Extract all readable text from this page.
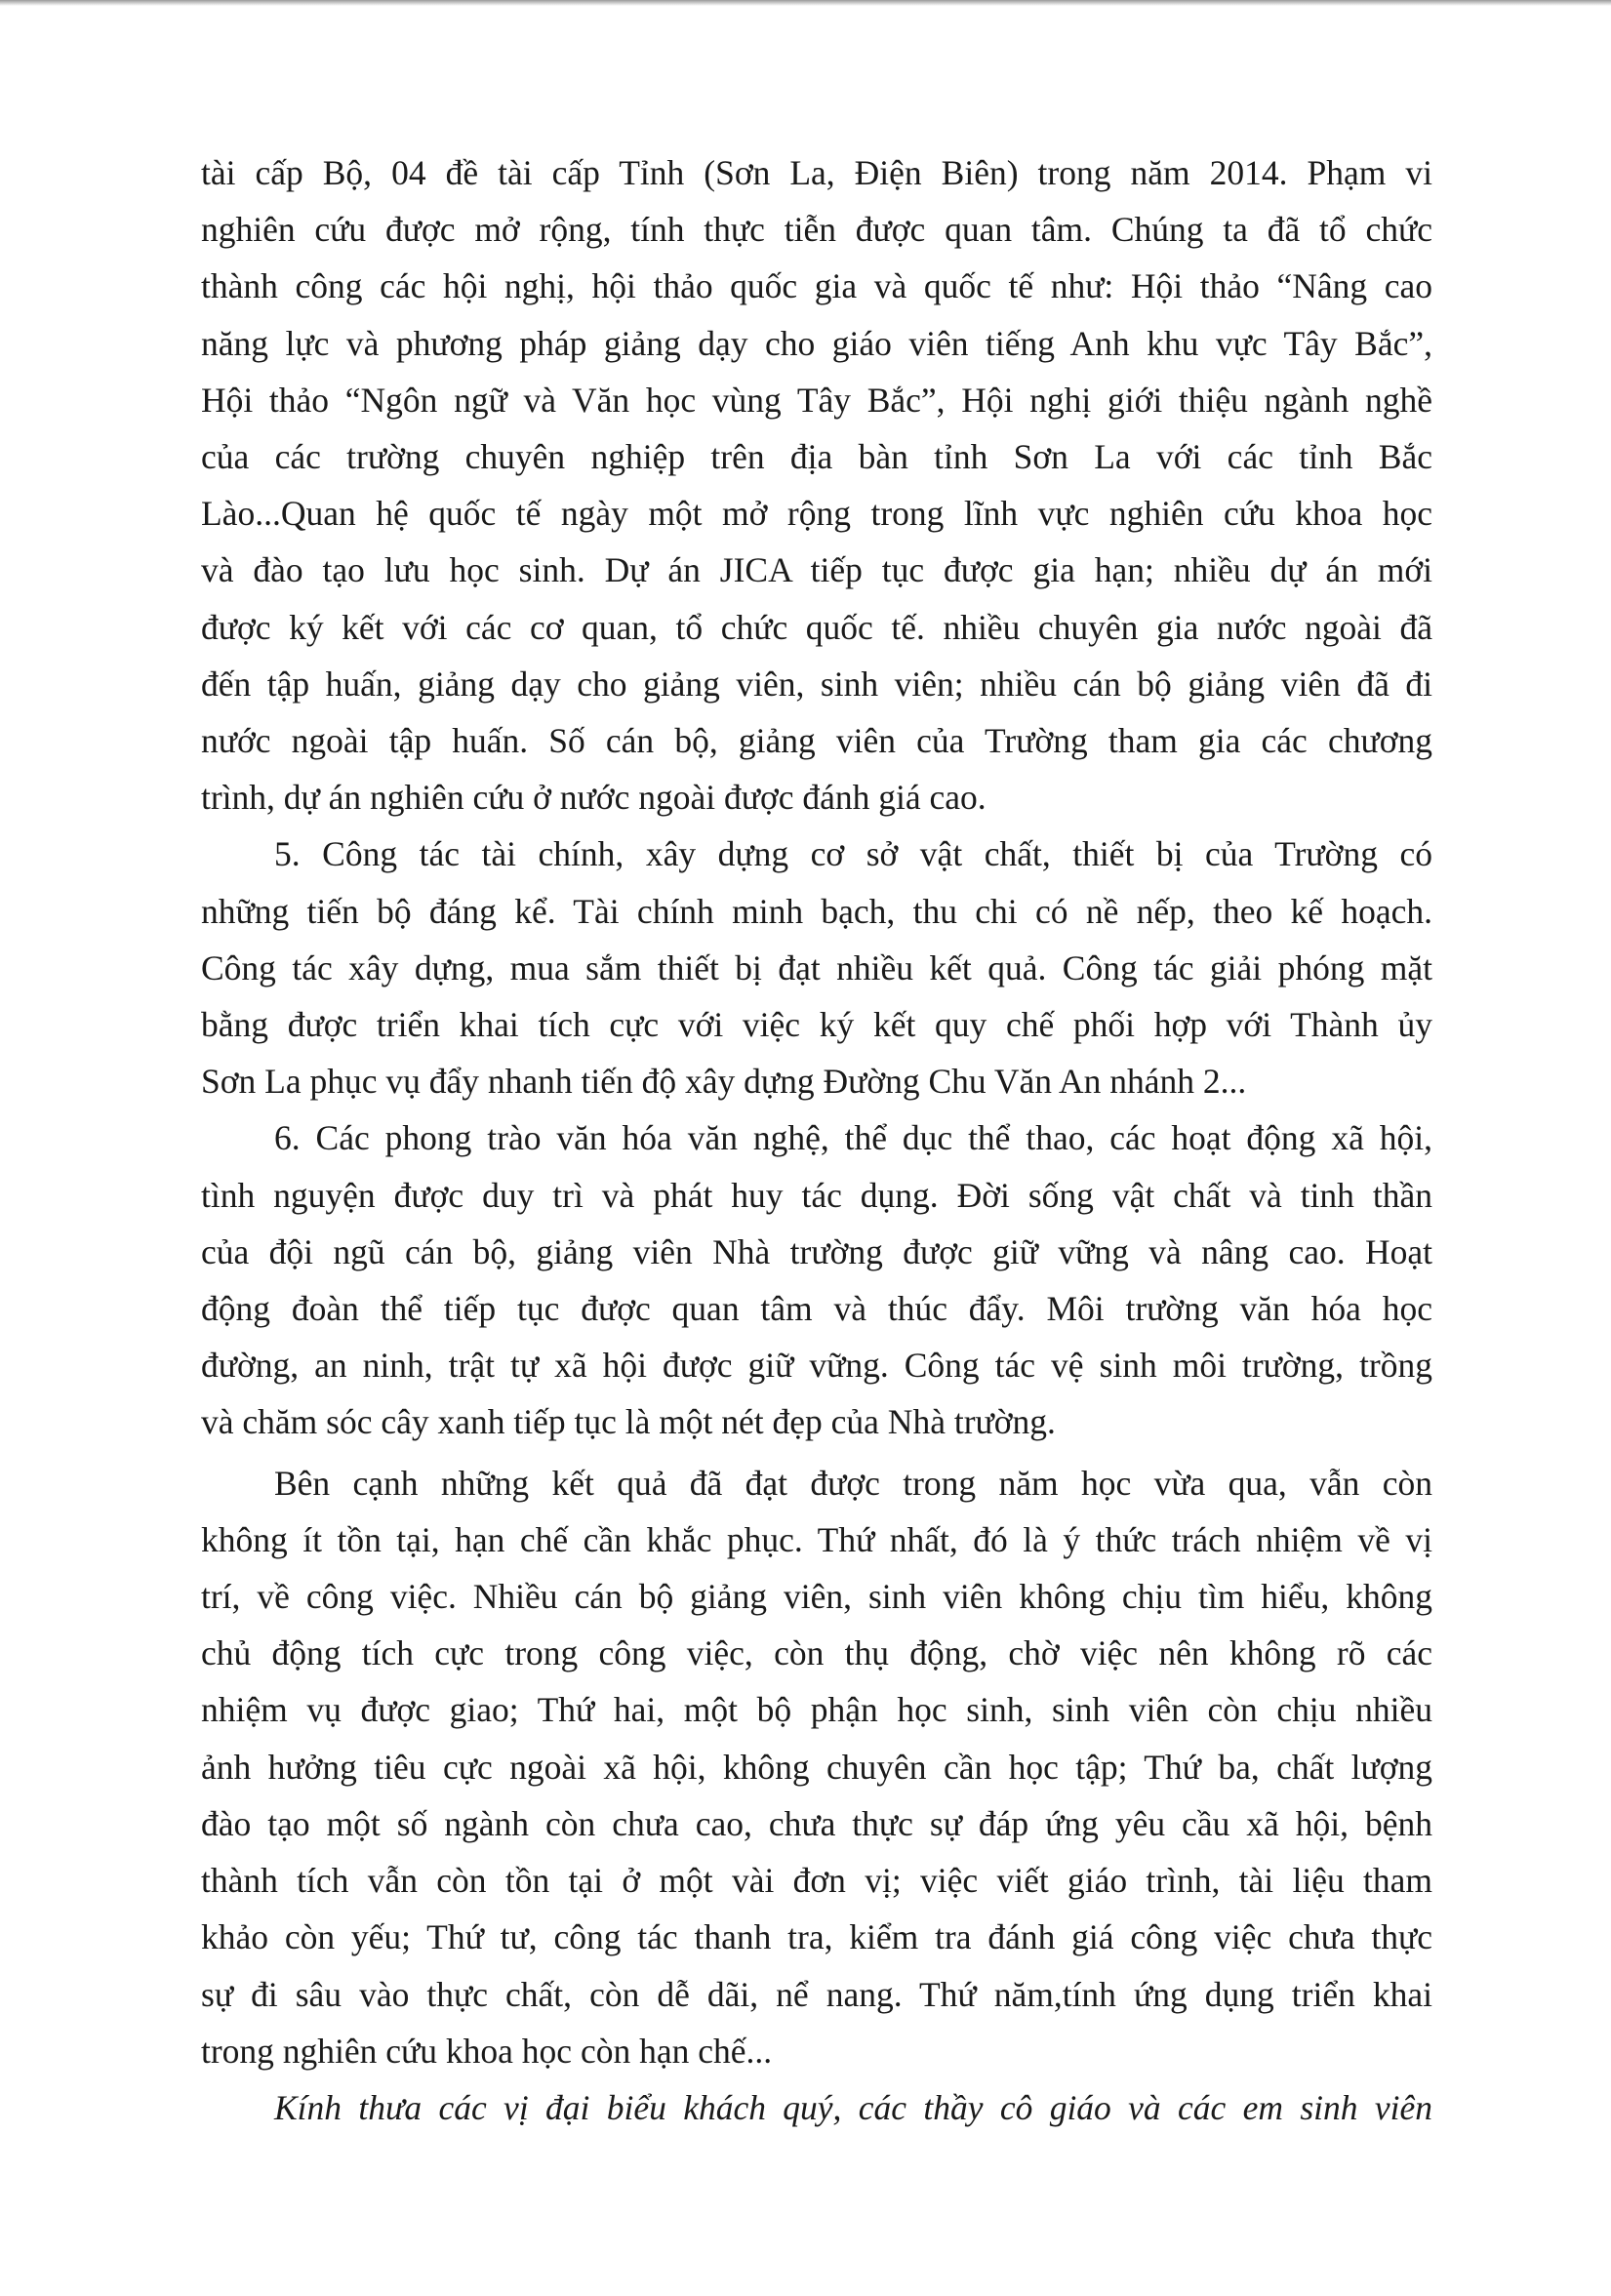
tài cấp Bộ, 04 đề tài cấp Tỉnh (Sơn La, Điện Biên) trong năm 2014. Phạm vi
nghiên cứu được mở rộng, tính thực tiễn được quan tâm. Chúng ta đã tổ chức
thành công các hội nghị, hội thảo quốc gia và quốc tế như: Hội thảo “Nâng cao
năng lực và phương pháp giảng dạy cho giáo viên tiếng Anh khu vực Tây Bắc”,
Hội thảo “Ngôn ngữ và Văn học vùng Tây Bắc”, Hội nghị giới thiệu ngành nghề
của các trường chuyên nghiệp trên địa bàn tỉnh Sơn La với các tỉnh Bắc
Lào...Quan hệ quốc tế ngày một mở rộng trong lĩnh vực nghiên cứu khoa học
và đào tạo lưu học sinh. Dự án JICA tiếp tục được gia hạn; nhiều dự án mới
được ký kết với các cơ quan, tổ chức quốc tế. nhiều chuyên gia nước ngoài đã
đến tập huấn, giảng dạy cho giảng viên, sinh viên; nhiều cán bộ giảng viên đã đi
nước ngoài tập huấn. Số cán bộ, giảng viên của Trường tham gia các chương
trình, dự án nghiên cứu ở nước ngoài được đánh giá cao.
5. Công tác tài chính, xây dựng cơ sở vật chất, thiết bị của Trường có
những tiến bộ đáng kể. Tài chính minh bạch, thu chi có nề nếp, theo kế hoạch.
Công tác xây dựng, mua sắm thiết bị đạt nhiều kết quả. Công tác giải phóng mặt
bằng được triển khai tích cực với việc ký kết quy chế phối hợp với Thành ủy
Sơn La phục vụ đẩy nhanh tiến độ xây dựng Đường Chu Văn An nhánh 2...
6. Các phong trào văn hóa văn nghệ, thể dục thể thao, các hoạt động xã hội,
tình nguyện được duy trì và phát huy tác dụng. Đời sống vật chất và tinh thần
của đội ngũ cán bộ, giảng viên Nhà trường được giữ vững và nâng cao. Hoạt
động đoàn thể tiếp tục được quan tâm và thúc đẩy. Môi trường văn hóa học
đường, an ninh, trật tự xã hội được giữ vững. Công tác vệ sinh môi trường, trồng
và chăm sóc cây xanh tiếp tục là một nét đẹp của Nhà trường.
Bên cạnh những kết quả đã đạt được trong năm học vừa qua, vẫn còn
không ít tồn tại, hạn chế cần khắc phục. Thứ nhất, đó là ý thức trách nhiệm về vị
trí, về công việc. Nhiều cán bộ giảng viên, sinh viên không chịu tìm hiểu, không
chủ động tích cực trong công việc, còn thụ động, chờ việc nên không rõ các
nhiệm vụ được giao; Thứ hai, một bộ phận học sinh, sinh viên còn chịu nhiều
ảnh hưởng tiêu cực ngoài xã hội, không chuyên cần học tập; Thứ ba, chất lượng
đào tạo một số ngành còn chưa cao, chưa thực sự đáp ứng yêu cầu xã hội, bệnh
thành tích vẫn còn tồn tại ở một vài đơn vị; việc viết giáo trình, tài liệu tham
khảo còn yếu; Thứ tư, công tác thanh tra, kiểm tra đánh giá công việc chưa thực
sự đi sâu vào thực chất, còn dễ dãi, nể nang. Thứ năm,tính ứng dụng triển khai
trong nghiên cứu khoa học còn hạn chế...
Kính thưa các vị đại biểu khách quý, các thầy cô giáo và các em sinh viên
